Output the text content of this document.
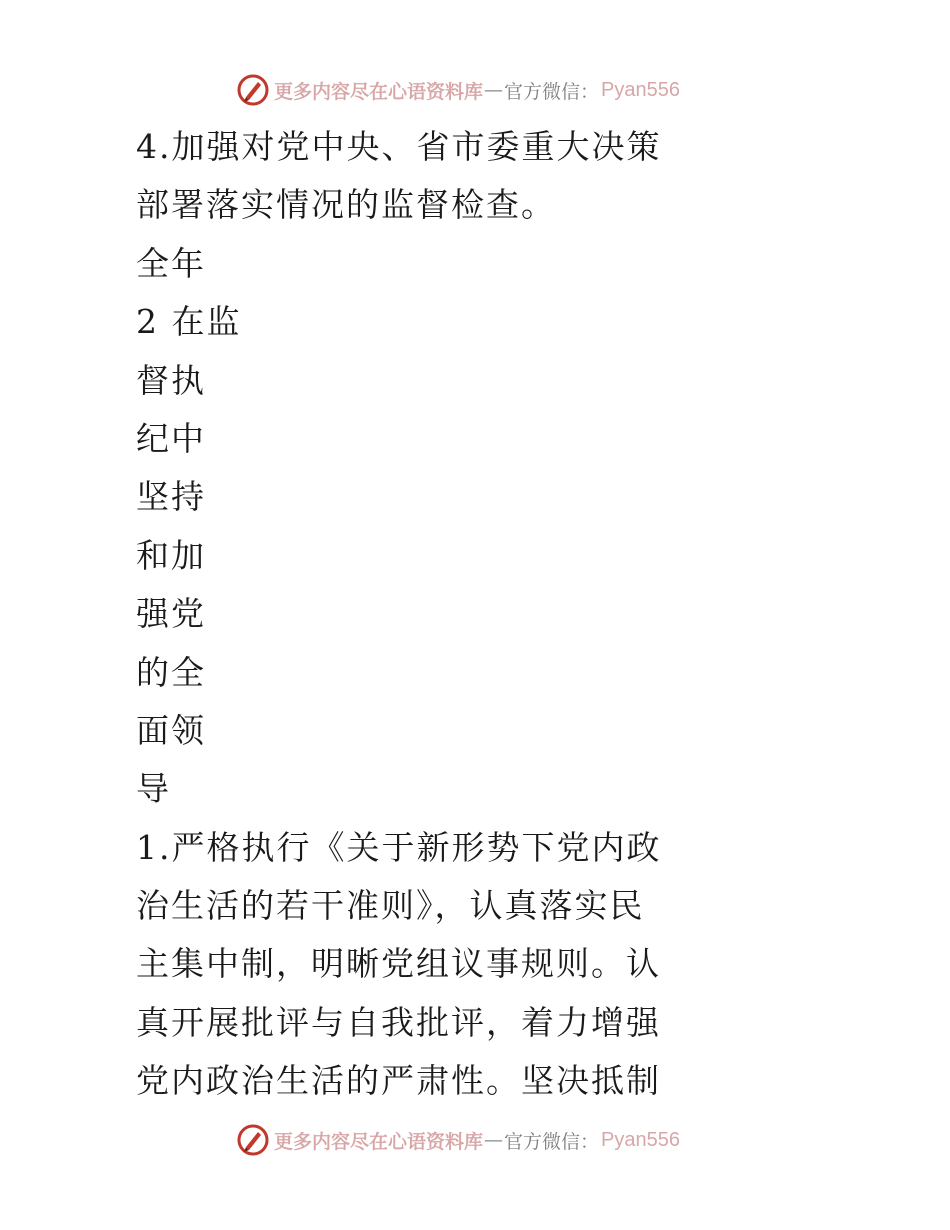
更多内容尽在心语资料库 — 官方微信： Pyan556
4.加强对党中央、省市委重大决策
部署落实情况的监督检查。
全年
2 在监
督执
纪中
坚持
和加
强党
的全
面领
导
1.严格执行《关于新形势下党内政
治生活的若干准则》，认真落实民
主集中制，明晰党组议事规则。认
真开展批评与自我批评，着力增强
党内政治生活的严肃性。坚决抵制
更多内容尽在心语资料库 — 官方微信： Pyan556
